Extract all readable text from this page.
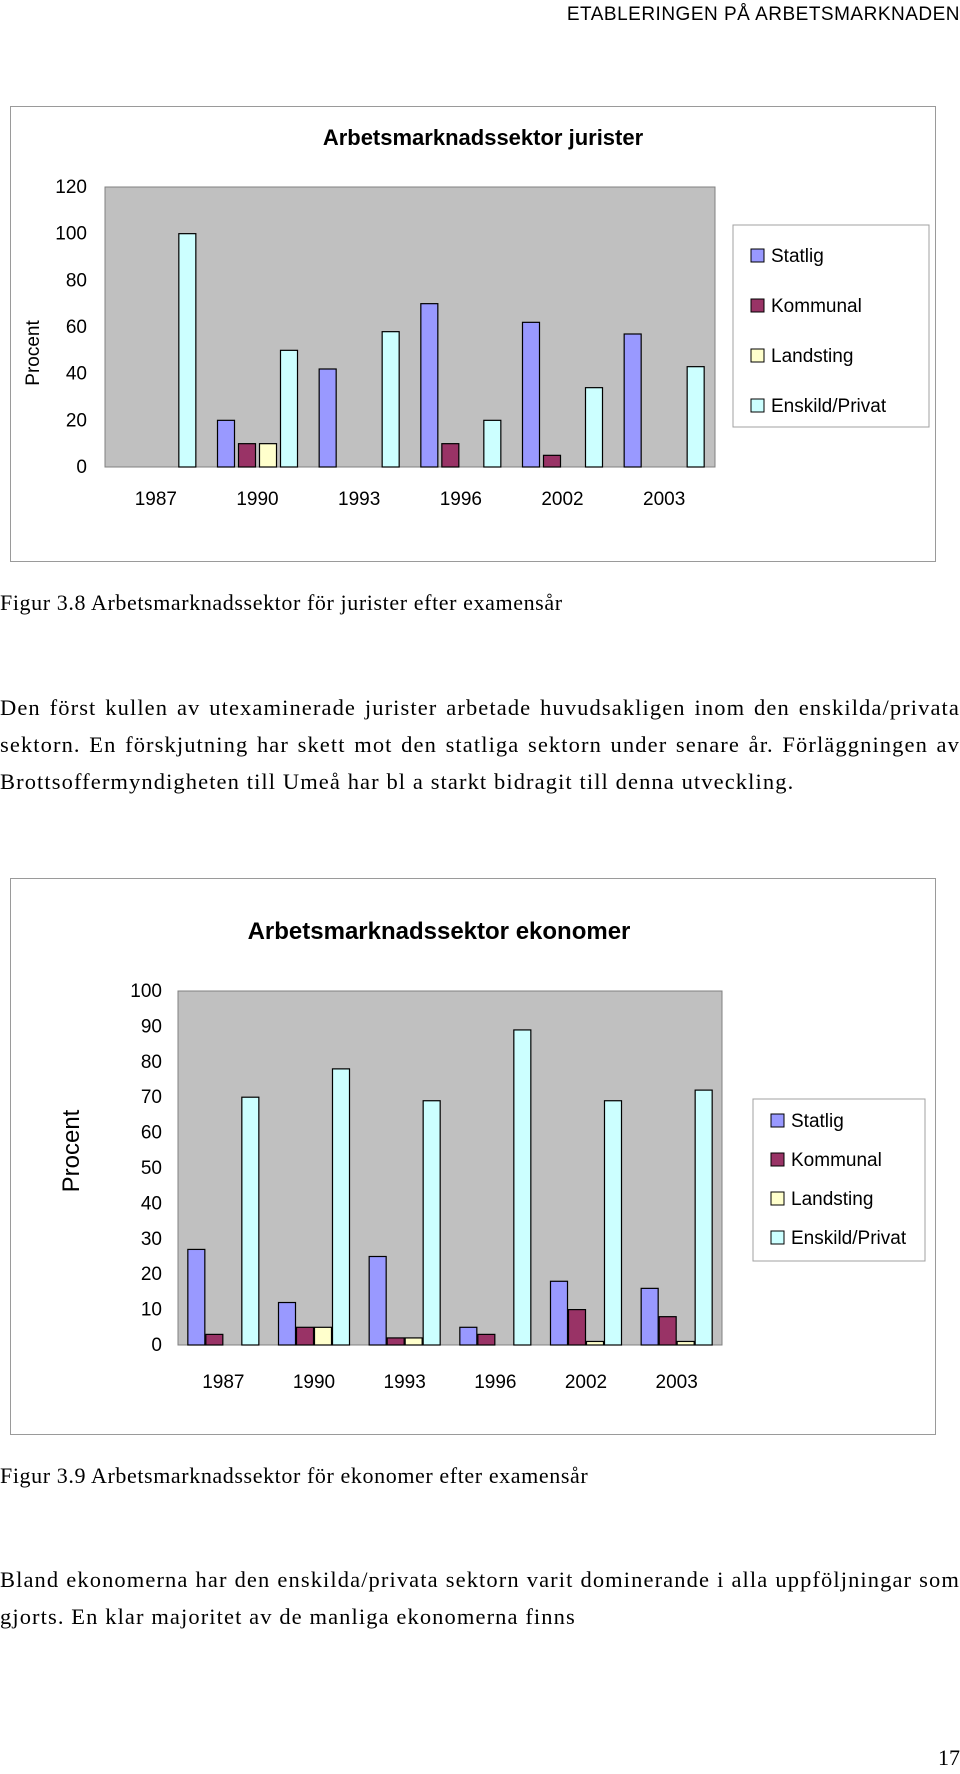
ETABLERINGEN PÅ ARBETSMARKNADEN
Arbetsmarknadssektor jurister
Procent
0
20
40
60
80
100
120
1987	1990	1993	1996	2002	2003
Statlig
Kommunal
Landsting
Enskild/Privat
Figur 3.8 Arbetsmarknadssektor för jurister efter examensår

Den först kullen av utexaminerade jurister arbetade huvudsakligen inom den enskilda/privata sektorn. En förskjutning har skett mot den statliga sektorn under senare år. Förläggningen av Brottsoffermyndigheten till Umeå har bl a starkt bidragit till denna utveckling.

Arbetsmarknadssektor ekonomer
Procent
0
10
20
30
40
50
60
70
80
90
100
1987	1990	1993	1996	2002	2003
Statlig
Kommunal
Landsting
Enskild/Privat
Figur 3.9 Arbetsmarknadssektor för ekonomer efter examensår

Bland ekonomerna har den enskilda/privata sektorn varit dominerande i alla uppföljningar som gjorts. En klar majoritet av de manliga ekonomerna finns

17
